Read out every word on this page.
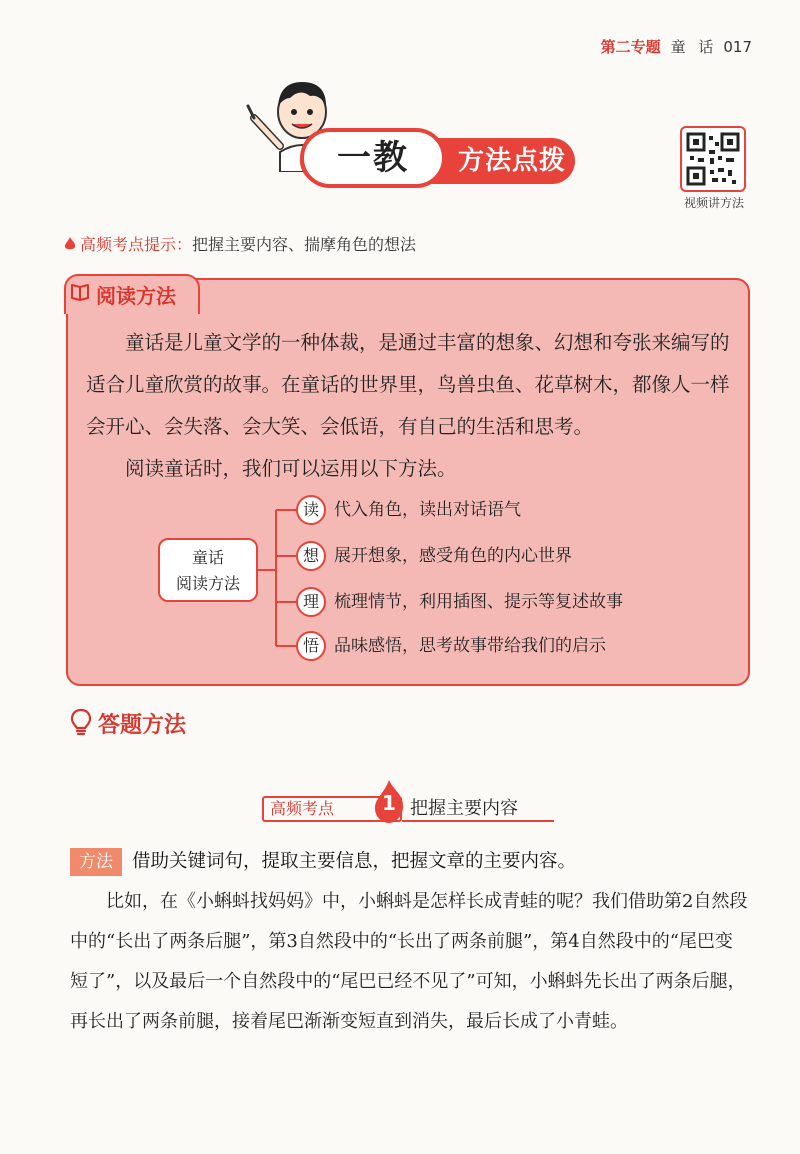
第二专题 童 话 017
一教	方法点拨
视频讲方法
高频考点提示：把握主要内容、揣摩角色的想法
阅读方法
童话是儿童文学的一种体裁，是通过丰富的想象、幻想和夸张来编写的适合儿童欣赏的故事。在童话的世界里，鸟兽虫鱼、花草树木，都像人一样会开心、会失落、会大笑、会低语，有自己的生活和思考。
阅读童话时，我们可以运用以下方法。
童话
阅读方法
读 代入角色，读出对话语气
想 展开想象，感受角色的内心世界
理 梳理情节，利用插图、提示等复述故事
悟 品味感悟，思考故事带给我们的启示
答题方法
高频考点 1 把握主要内容
方法	借助关键词句，提取主要信息，把握文章的主要内容。
比如，在《小蝌蚪找妈妈》中，小蝌蚪是怎样长成青蛙的呢？我们借助第2自然段中的“长出了两条后腿”，第3自然段中的“长出了两条前腿”，第4自然段中的“尾巴变短了”，以及最后一个自然段中的“尾巴已经不见了”可知，小蝌蚪先长出了两条后腿，再长出了两条前腿，接着尾巴渐渐变短直到消失，最后长成了小青蛙。
